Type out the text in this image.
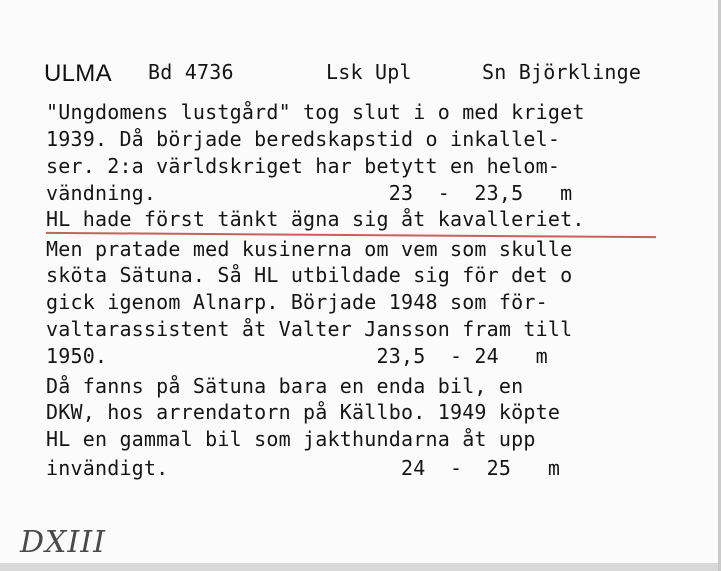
ULMA Bd 4736	Lsk Upl	Sn Björklinge
"Ungdomens lustgård" tog slut i o med kriget
1939. Då började beredskapstid o inkallel-
ser. 2:a världskriget har betytt en helom-
vändning.                   23  -  23,5   m
HL hade först tänkt ägna sig åt kavalleriet.
Men pratade med kusinerna om vem som skulle
sköta Sätuna. Så HL utbildade sig för det o
gick igenom Alnarp. Började 1948 som för-
valtarassistent åt Valter Jansson fram till
1950.                      23,5  - 24   m
Då fanns på Sätuna bara en enda bil, en
DKW, hos arrendatorn på Källbo. 1949 köpte
HL en gammal bil som jakthundarna åt upp
invändigt.                   24  -  25   m
DXIII
